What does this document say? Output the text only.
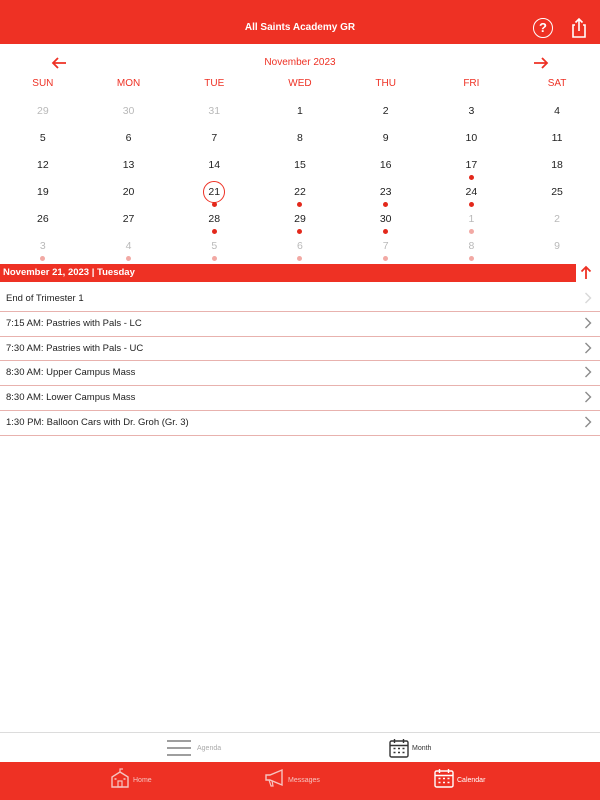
All Saints Academy GR	?
November 2023
SUN	MON	TUE	WED	THU	FRI	SAT
29	30	31	1	2	3	4
5	6	7	8	9	10	11
12	13	14	15	16	17	18
19	20	21	22	23	24	25
26	27	28	29	30	1	2
3	4	5	6	7	8	9
November 21, 2023 | Tuesday
End of Trimester 1
7:15 AM: Pastries with Pals - LC
7:30 AM: Pastries with Pals - UC
8:30 AM: Upper Campus Mass
8:30 AM: Lower Campus Mass
1:30 PM: Balloon Cars with Dr. Groh (Gr. 3)
Agenda	Month
Home	Messages	Calendar
